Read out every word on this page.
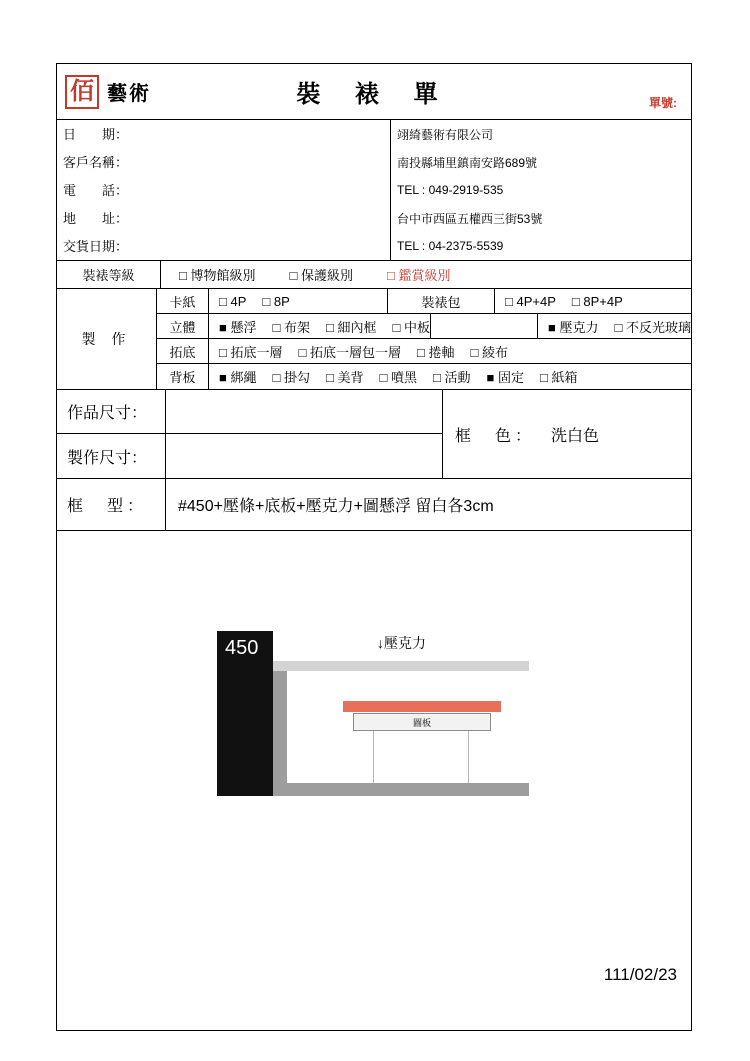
佰 藝術	裝 裱 單	單號:
日　　期：
客戶名稱：
電　　話：
地　　址：
交貨日期：
翊綺藝術有限公司
南投縣埔里鎮南安路689號
TEL : 049-2919-535
台中市西區五權西三街53號
TEL : 04-2375-5539
裝裱等級	□ 博物館級別	□ 保護級別	□ 鑑賞級別
製 作
卡紙	□ 4P □ 8P	裝裱包	□ 4P+4P □ 8P+4P
立體	■ 懸浮 □ 布架 □ 細內框 □ 中板	■ 壓克力 □ 不反光玻璃
拓底	□ 拓底一層 □ 拓底一層包一層 □ 捲軸 □ 綾布
背板	■ 綁繩 □ 掛勾 □ 美背 □ 噴黑 □ 活動 ■ 固定 □ 紙箱
作品尺寸：
製作尺寸：
框　色：	洗白色
框　型：	#450+壓條+底板+壓克力+圖懸浮 留白各3cm
↓壓克力
450
圖板
111/02/23
